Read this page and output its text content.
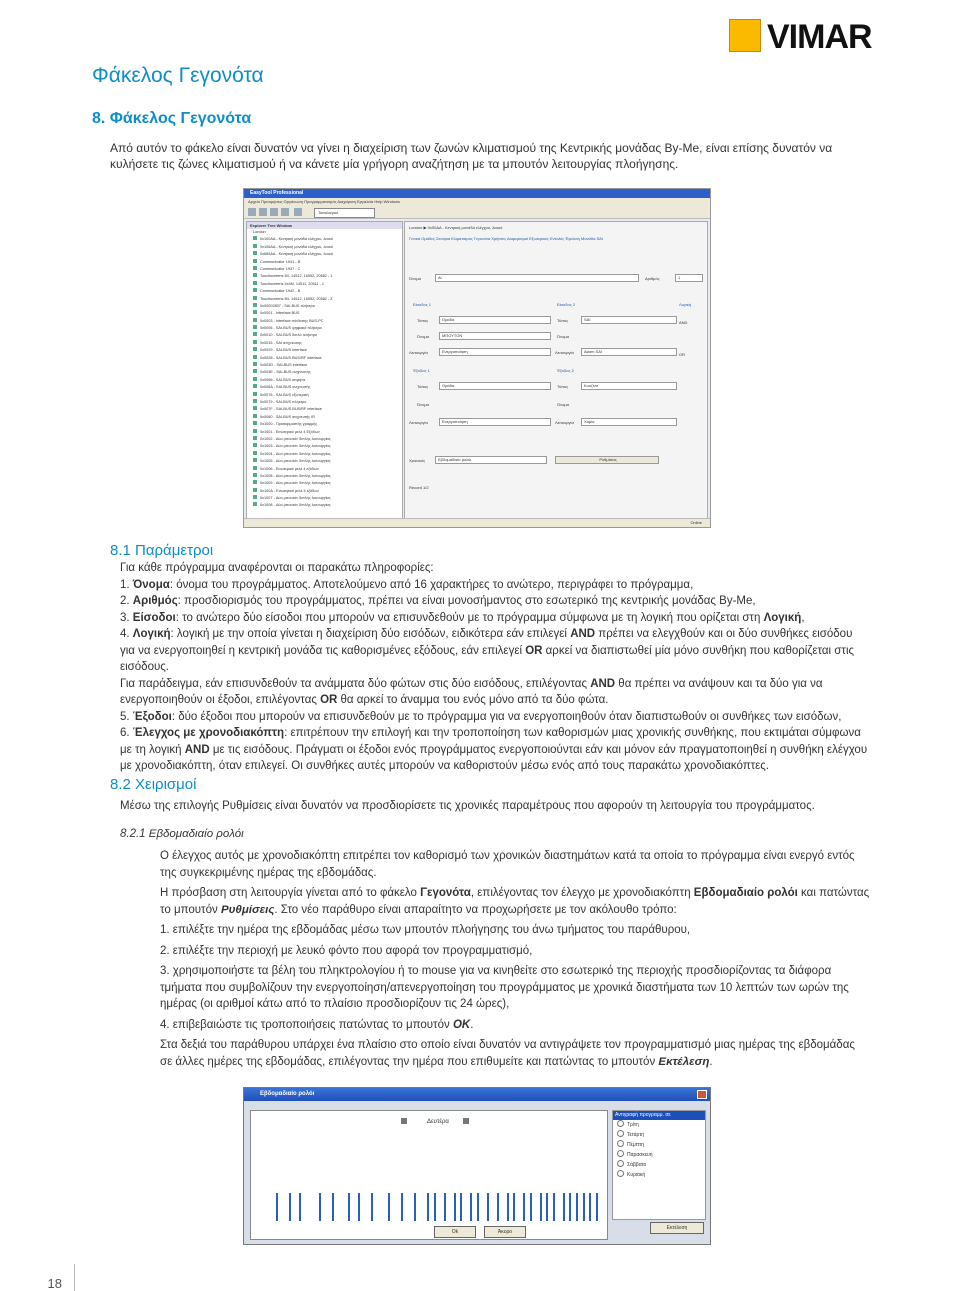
Φάκελος Γεγονότα
VIMAR
8. Φάκελος Γεγονότα
Από αυτόν το φάκελο είναι δυνατόν να γίνει η διαχείριση των ζωνών κλιματισμού της Κεντρικής μονάδας By-Me, είναι επίσης δυνατόν να κυλήσετε τις ζώνες κλιματισμού ή να κάνετε μία γρήγορη αναζήτηση με τα μπουτόν λειτουργίας πλοήγησης.
EasyTool Professional
Αρχείο Προτιμήσεις Οργάνωση Προγραμματισμός Διαχείριση Εργαλεία Help Windows
Τοπολογικό
Explorer Tree Window
London
0x100AA - Κεντρική μονάδα ελέγχου, λευκό
0x106AA - Κεντρική μονάδα ελέγχου, λευκό
0x666AA - Κεντρική μονάδα ελέγχου, λευκό
Communicator 1941 - B
Communicator 1937 - C
Touchscreens IM- 14512, 16952, 20582 - 1
Touchscreens 4x4M, 14511, 20511 - 1
Communicator 1942 - B
Touchscreens IM- 14512, 16952, 20582 - Z
0x00002837 - SAI-BUS πλήκτρο
0x0001 - Interface BUS
0x0003 - Interface σύνδεσης BUS-PC
0x0006 - SAI-BUS ψηφιακό πλήκτρο
0x0010 - SAI-BUS διπλό πλήκτρο
0x0015 - SAI ανίχνευσης
0x0029 - SAI-BUS Interface
0x0028 - SAI-BUS BUS/RF interface
0x003D - SAI-BUS interface
0x003E - SAI-BUS ανιχνευτής
0x0066 - SAI-BUS σειρήνα
0x006A - SAI-BUS ανιχνευτής
0x0076 - SAI-BUS εξωτερική
0x0079 - SAI-BUS πλήκτρο
0x007F - SAI-BUS BUS/RF interface
0x0080 - SAI-BUS ανιχνευτής IR
0x1000 - Προσαρμοστής γραμμής
0x1001 - Εσωτερικό ρελέ 4 Εξόδων
0x1002 - Δύο μπουτόν διπλής λειτουργίας
0x1003 - Δύο μπουτόν διπλής λειτουργίας
0x1004 - Δύο μπουτόν διπλής λειτουργίας
0x1005 - Δύο μπουτόν διπλής λειτουργίας
0x1006 - Εσωτερικό ρελέ 4 εξόδων
0x1008 - Δύο μπουτόν διπλής λειτουργίας
0x1009 - Δύο μπουτόν διπλής λειτουργίας
0x100A - Εσωτερικό ρελέ 4 εξόδων
0x1007 - Δύο μπουτόν διπλής λειτουργίας
0x1008 - Δύο μπουτόν διπλής λειτουργίας
London ▶ 0x00AA - Κεντρική μονάδα ελέγχου, λευκό
Γενικά Ομάδες Σενάρια Κλιματισμός Γεγονότα Χρήστες Διαμερισμοί Εξωτερικές Εντολές Έγκλιση Μονάδα SAI
Όνομα	Al	Αριθμός	1
Είσοδος 1	Είσοδος 2	Λογική
Τύπος	Ομάδα	Τύπος	SAI
AND
OR
Όνομα	ΜΠΟΥΤΟΝ	Όνομα
Λειτουργία	Ενεργοποίηση	Λειτουργία	Alarm SAI
Έξοδος 1	Έξοδος 2
Τύπος	Ομάδα	Τύπος	Κουζίνα
Όνομα	Όνομα
Λειτουργία	Ενεργοποίηση	Λειτουργία	Χαμία
Χρονικός	Εβδομαδιαίο ρολόι	Ρυθμίσεις
Record 1/2
Online
8.1 Παράμετροι
Για κάθε πρόγραμμα αναφέρονται οι παρακάτω πληροφορίες:
1. Όνομα: όνομα του προγράμματος. Αποτελούμενο από 16 χαρακτήρες το ανώτερο, περιγράφει το πρόγραμμα,
2. Αριθμός: προσδιορισμός του προγράμματος, πρέπει να είναι μονοσήμαντος στο εσωτερικό της κεντρικής μονάδας By-Me,
3. Είσοδοι: το ανώτερο δύο είσοδοι που μπορούν να επισυνδεθούν με το πρόγραμμα σύμφωνα με τη λογική που ορίζεται στη Λογική,
4. Λογική: λογική με την οποία γίνεται η διαχείριση δύο εισόδων, ειδικότερα εάν επιλεγεί AND πρέπει να ελεγχθούν και οι δύο συνθήκες εισόδου για να ενεργοποιηθεί η κεντρική μονάδα τις καθορισμένες εξόδους, εάν επιλεγεί OR αρκεί να διαπιστωθεί μία μόνο συνθήκη που καθορίζεται στις εισόδους.
Για παράδειγμα, εάν επισυνδεθούν τα ανάμματα δύο φώτων στις δύο εισόδους, επιλέγοντας AND θα πρέπει να ανάψουν και τα δύο για να ενεργοποιηθούν οι έξοδοι, επιλέγοντας OR θα αρκεί το άναμμα του ενός μόνο από τα δύο φώτα.
5. Έξοδοι: δύο έξοδοι που μπορούν να επισυνδεθούν με το πρόγραμμα για να ενεργοποιηθούν όταν διαπιστωθούν οι συνθήκες των εισόδων,
6. Έλεγχος με χρονοδιακόπτη: επιτρέπουν την επιλογή και την τροποποίηση των καθορισμών μιας χρονικής συνθήκης, που εκτιμάται σύμφωνα με τη λογική AND με τις εισόδους. Πράγματι οι έξοδοι ενός προγράμματος ενεργοποιούνται εάν και μόνον εάν πραγματοποιηθεί η συνθήκη ελέγχου με χρονοδιακόπτη, όταν επιλεγεί. Οι συνθήκες αυτές μπορούν να καθοριστούν μέσω ενός από τους παρακάτω χρονοδιακόπτες.
8.2 Χειρισμοί
Μέσω της επιλογής Ρυθμίσεις είναι δυνατόν να προσδιορίσετε τις χρονικές παραμέτρους που αφορούν τη λειτουργία του προγράμματος.
8.2.1 Εβδομαδιαίο ρολόι
Ο έλεγχος αυτός με χρονοδιακόπτη επιτρέπει τον καθορισμό των χρονικών διαστημάτων κατά τα οποία το πρόγραμμα είναι ενεργό εντός της συγκεκριμένης ημέρας της εβδομάδας.
Η πρόσβαση στη λειτουργία γίνεται από το φάκελο Γεγονότα, επιλέγοντας τον έλεγχο με χρονοδιακόπτη Εβδομαδιαίο ρολόι και πατώντας το μπουτόν Ρυθμίσεις. Στο νέο παράθυρο είναι απαραίτητο να προχωρήσετε με τον ακόλουθο τρόπο:
1. επιλέξτε την ημέρα της εβδομάδας μέσω των μπουτόν πλοήγησης του άνω τμήματος του παράθυρου,
2. επιλέξτε την περιοχή με λευκό φόντο που αφορά τον προγραμματισμό,
3. χρησιμοποιήστε τα βέλη του πληκτρολογίου ή το mouse για να κινηθείτε στο εσωτερικό της περιοχής προσδιορίζοντας τα διάφορα τμήματα που συμβολίζουν την ενεργοποίηση/απενεργοποίηση του προγράμματος με χρονικά διαστήματα των 10 λεπτών των ωρών της ημέρας (οι αριθμοί κάτω από το πλαίσιο προσδιορίζουν τις 24 ώρες),
4. επιβεβαιώστε τις τροποποιήσεις πατώντας το μπουτόν OK.
Στα δεξιά του παράθυρου υπάρχει ένα πλαίσιο στο οποίο είναι δυνατόν να αντιγράψετε τον προγραμματισμό μιας ημέρας της εβδομάδας σε άλλες ημέρες της εβδομάδας, επιλέγοντας την ημέρα που επιθυμείτε και πατώντας το μπουτόν Εκτέλεση.
Εβδομαδιαίο ρολόι
Δευτέρα
Αντιγραφή προγραμμ. σε
Τρίτη
Τετάρτη
Πέμπτη
Παρασκευή
Σάββατο
Κυριακή
Εκτέλεση
Ok	Άκυρο
18
